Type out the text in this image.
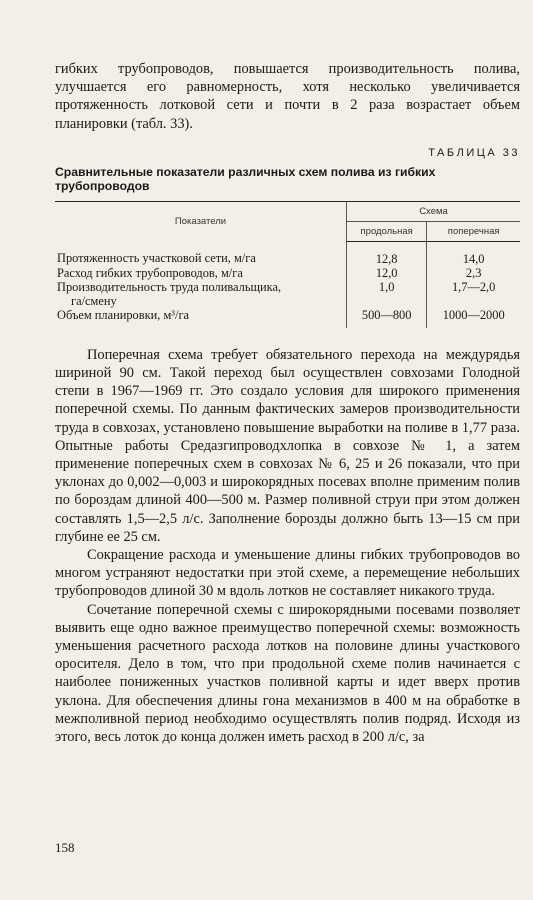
гибких трубопроводов, повышается производительность полива, улучшается его равномерность, хотя несколько увеличивается протяженность лотковой сети и почти в 2 раза возрастает объем планировки (табл. 33).

ТАБЛИЦА 33
Сравнительные показатели различных схем полива из гибких трубопроводов
Показатели	Схема	
	продольная	поперечная
Протяженность участковой сети, м/га	12,8	14,0
Расход гибких трубопроводов, м/га	12,0	2,3
Производительность труда поливальщика,
га/смену	1,0	1,7—2,0
Объем планировки, м³/га	500—800	1000—2000

Поперечная схема требует обязательного перехода на междурядья шириной 90 см. Такой переход был осуществлен совхозами Голодной степи в 1967—1969 гг. Это создало условия для широкого применения поперечной схемы. По данным фактических замеров производительности труда в совхозах, установлено повышение выработки на поливе в 1,77 раза. Опытные работы Средазгипроводхлопка в совхозе № 1, а затем применение поперечных схем в совхозах № 6, 25 и 26 показали, что при уклонах до 0,002—0,003 и широкорядных посевах вполне применим полив по бороздам длиной 400—500 м. Размер поливной струи при этом должен составлять 1,5—2,5 л/с. Заполнение борозды должно быть 13—15 см при глубине ее 25 см.

Сокращение расхода и уменьшение длины гибких трубопроводов во многом устраняют недостатки при этой схеме, а перемещение небольших трубопроводов длиной 30 м вдоль лотков не составляет никакого труда.

Сочетание поперечной схемы с широкорядными посевами позволяет выявить еще одно важное преимущество поперечной схемы: возможность уменьшения расчетного расхода лотков на половине длины участкового оросителя. Дело в том, что при продольной схеме полив начинается с наиболее пониженных участков поливной карты и идет вверх против уклона. Для обеспечения длины гона механизмов в 400 м на обработке в межполивной период необходимо осуществлять полив подряд. Исходя из этого, весь лоток до конца должен иметь расход в 200 л/с, за

158
